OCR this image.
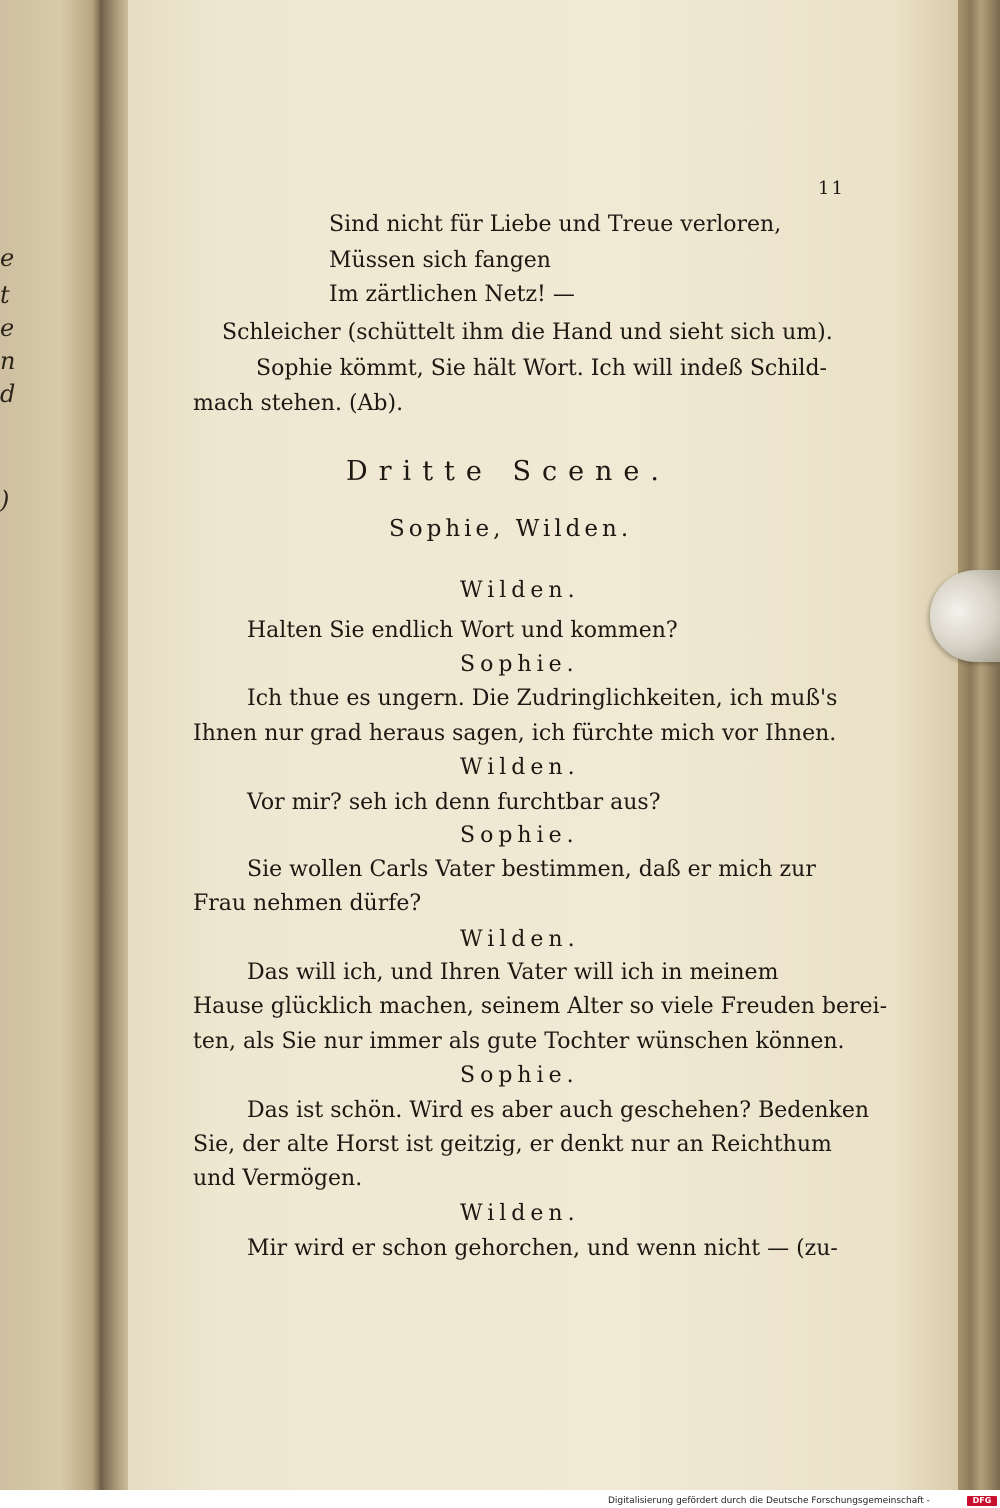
e
t
e
n
d
)
11
Sind nicht für Liebe und Treue verloren,
Müssen sich fangen
Im zärtlichen Netz! —
Schleicher (schüttelt ihm die Hand und sieht sich um).
Sophie kömmt, Sie hält Wort. Ich will indeß Schild-
mach stehen. (Ab).
Dritte Scene.
Sophie, Wilden.
Wilden.
Halten Sie endlich Wort und kommen?
Sophie.
Ich thue es ungern. Die Zudringlichkeiten, ich muß's
Ihnen nur grad heraus sagen, ich fürchte mich vor Ihnen.
Wilden.
Vor mir? seh ich denn furchtbar aus?
Sophie.
Sie wollen Carls Vater bestimmen, daß er mich zur
Frau nehmen dürfe?
Wilden.
Das will ich, und Ihren Vater will ich in meinem
Hause glücklich machen, seinem Alter so viele Freuden berei-
ten, als Sie nur immer als gute Tochter wünschen können.
Sophie.
Das ist schön. Wird es aber auch geschehen? Bedenken
Sie, der alte Horst ist geitzig, er denkt nur an Reichthum
und Vermögen.
Wilden.
Mir wird er schon gehorchen, und wenn nicht — (zu-
Digitalisierung gefördert durch die Deutsche Forschungsgemeinschaft -	DFG
